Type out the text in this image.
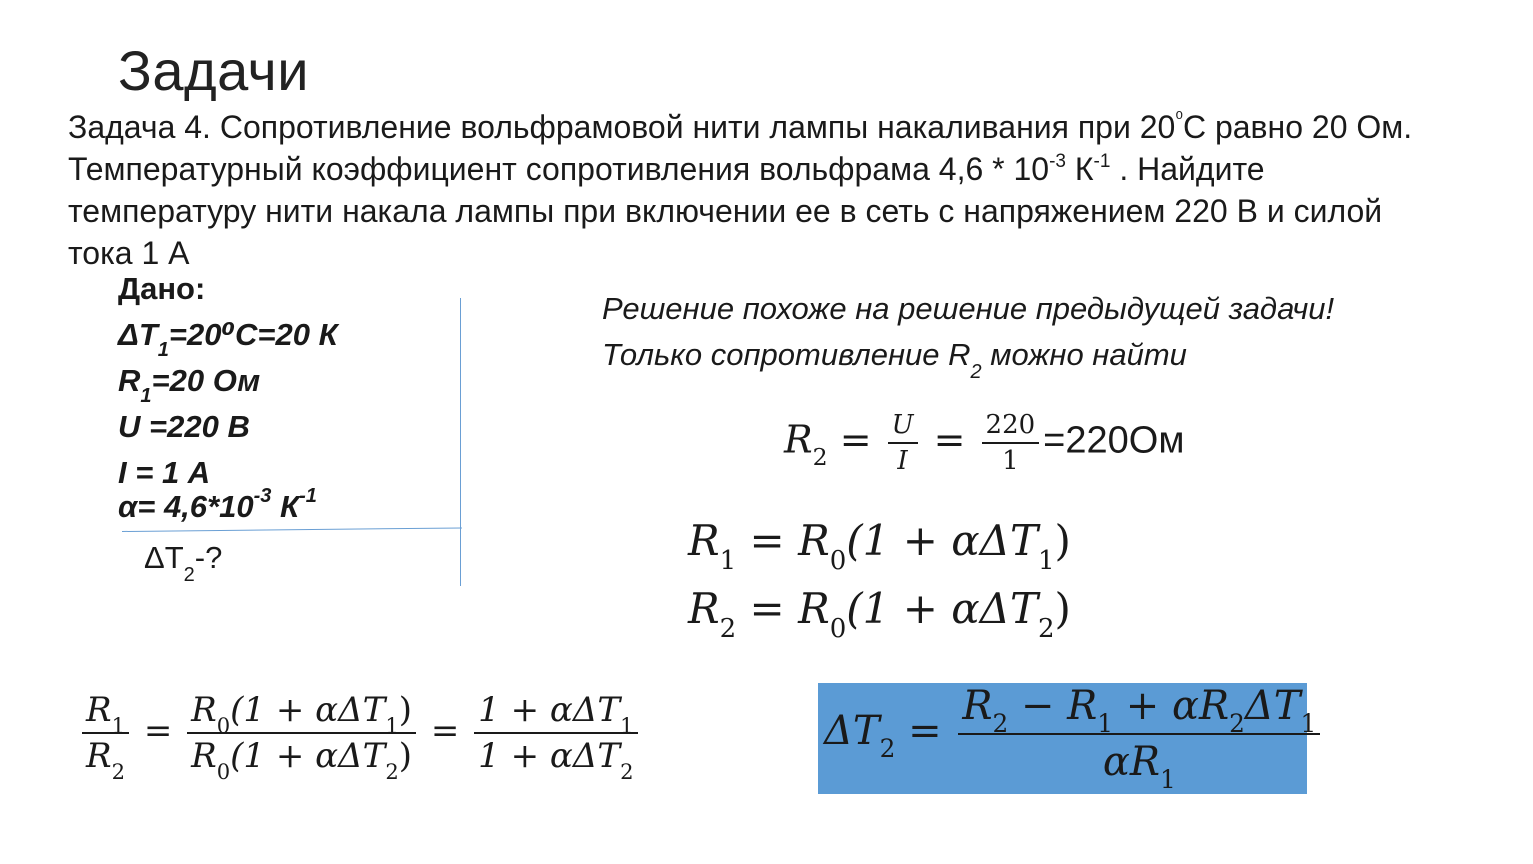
Задачи
Задача 4. Сопротивление вольфрамовой нити лампы накаливания при $20^{^0}С$ равно 20 Ом.
Температурный коэффициент сопротивления вольфрама $4,6 * 10^{-3}$ $К^{-1}$ . Найдите
температуру нити накала лампы при включении ее в сеть с напряжением 220 В и силой
тока 1 А
Дано:
$\Delta T_1=20^0С=20$ К
$R_1=20$ Ом
U =220 В
I = 1 А
$\alpha= 4,6*10^{-3}$ $К^{-1}$
$\Delta T_2-$?
Решение похоже на решение предыдущей задачи!
Только сопротивление $R_2$ можно найти
$R_2 = \frac{U}{I} = \frac{220}{1} =220Ом$
$R_1 = R_0(1 + \alpha\Delta T_1)$
$R_2 = R_0(1 + \alpha\Delta T_2)$
$\frac{R_1}{R_2} = \frac{R_0(1 + \alpha\Delta T_1)}{R_0(1 + \alpha\Delta T_2)} = \frac{1 + \alpha\Delta T_1}{1 + \alpha\Delta T_2}$	$\Delta T_2 = \frac{R_2 - R_1 + \alpha R_2\Delta T_1}{\alpha R_1}$
